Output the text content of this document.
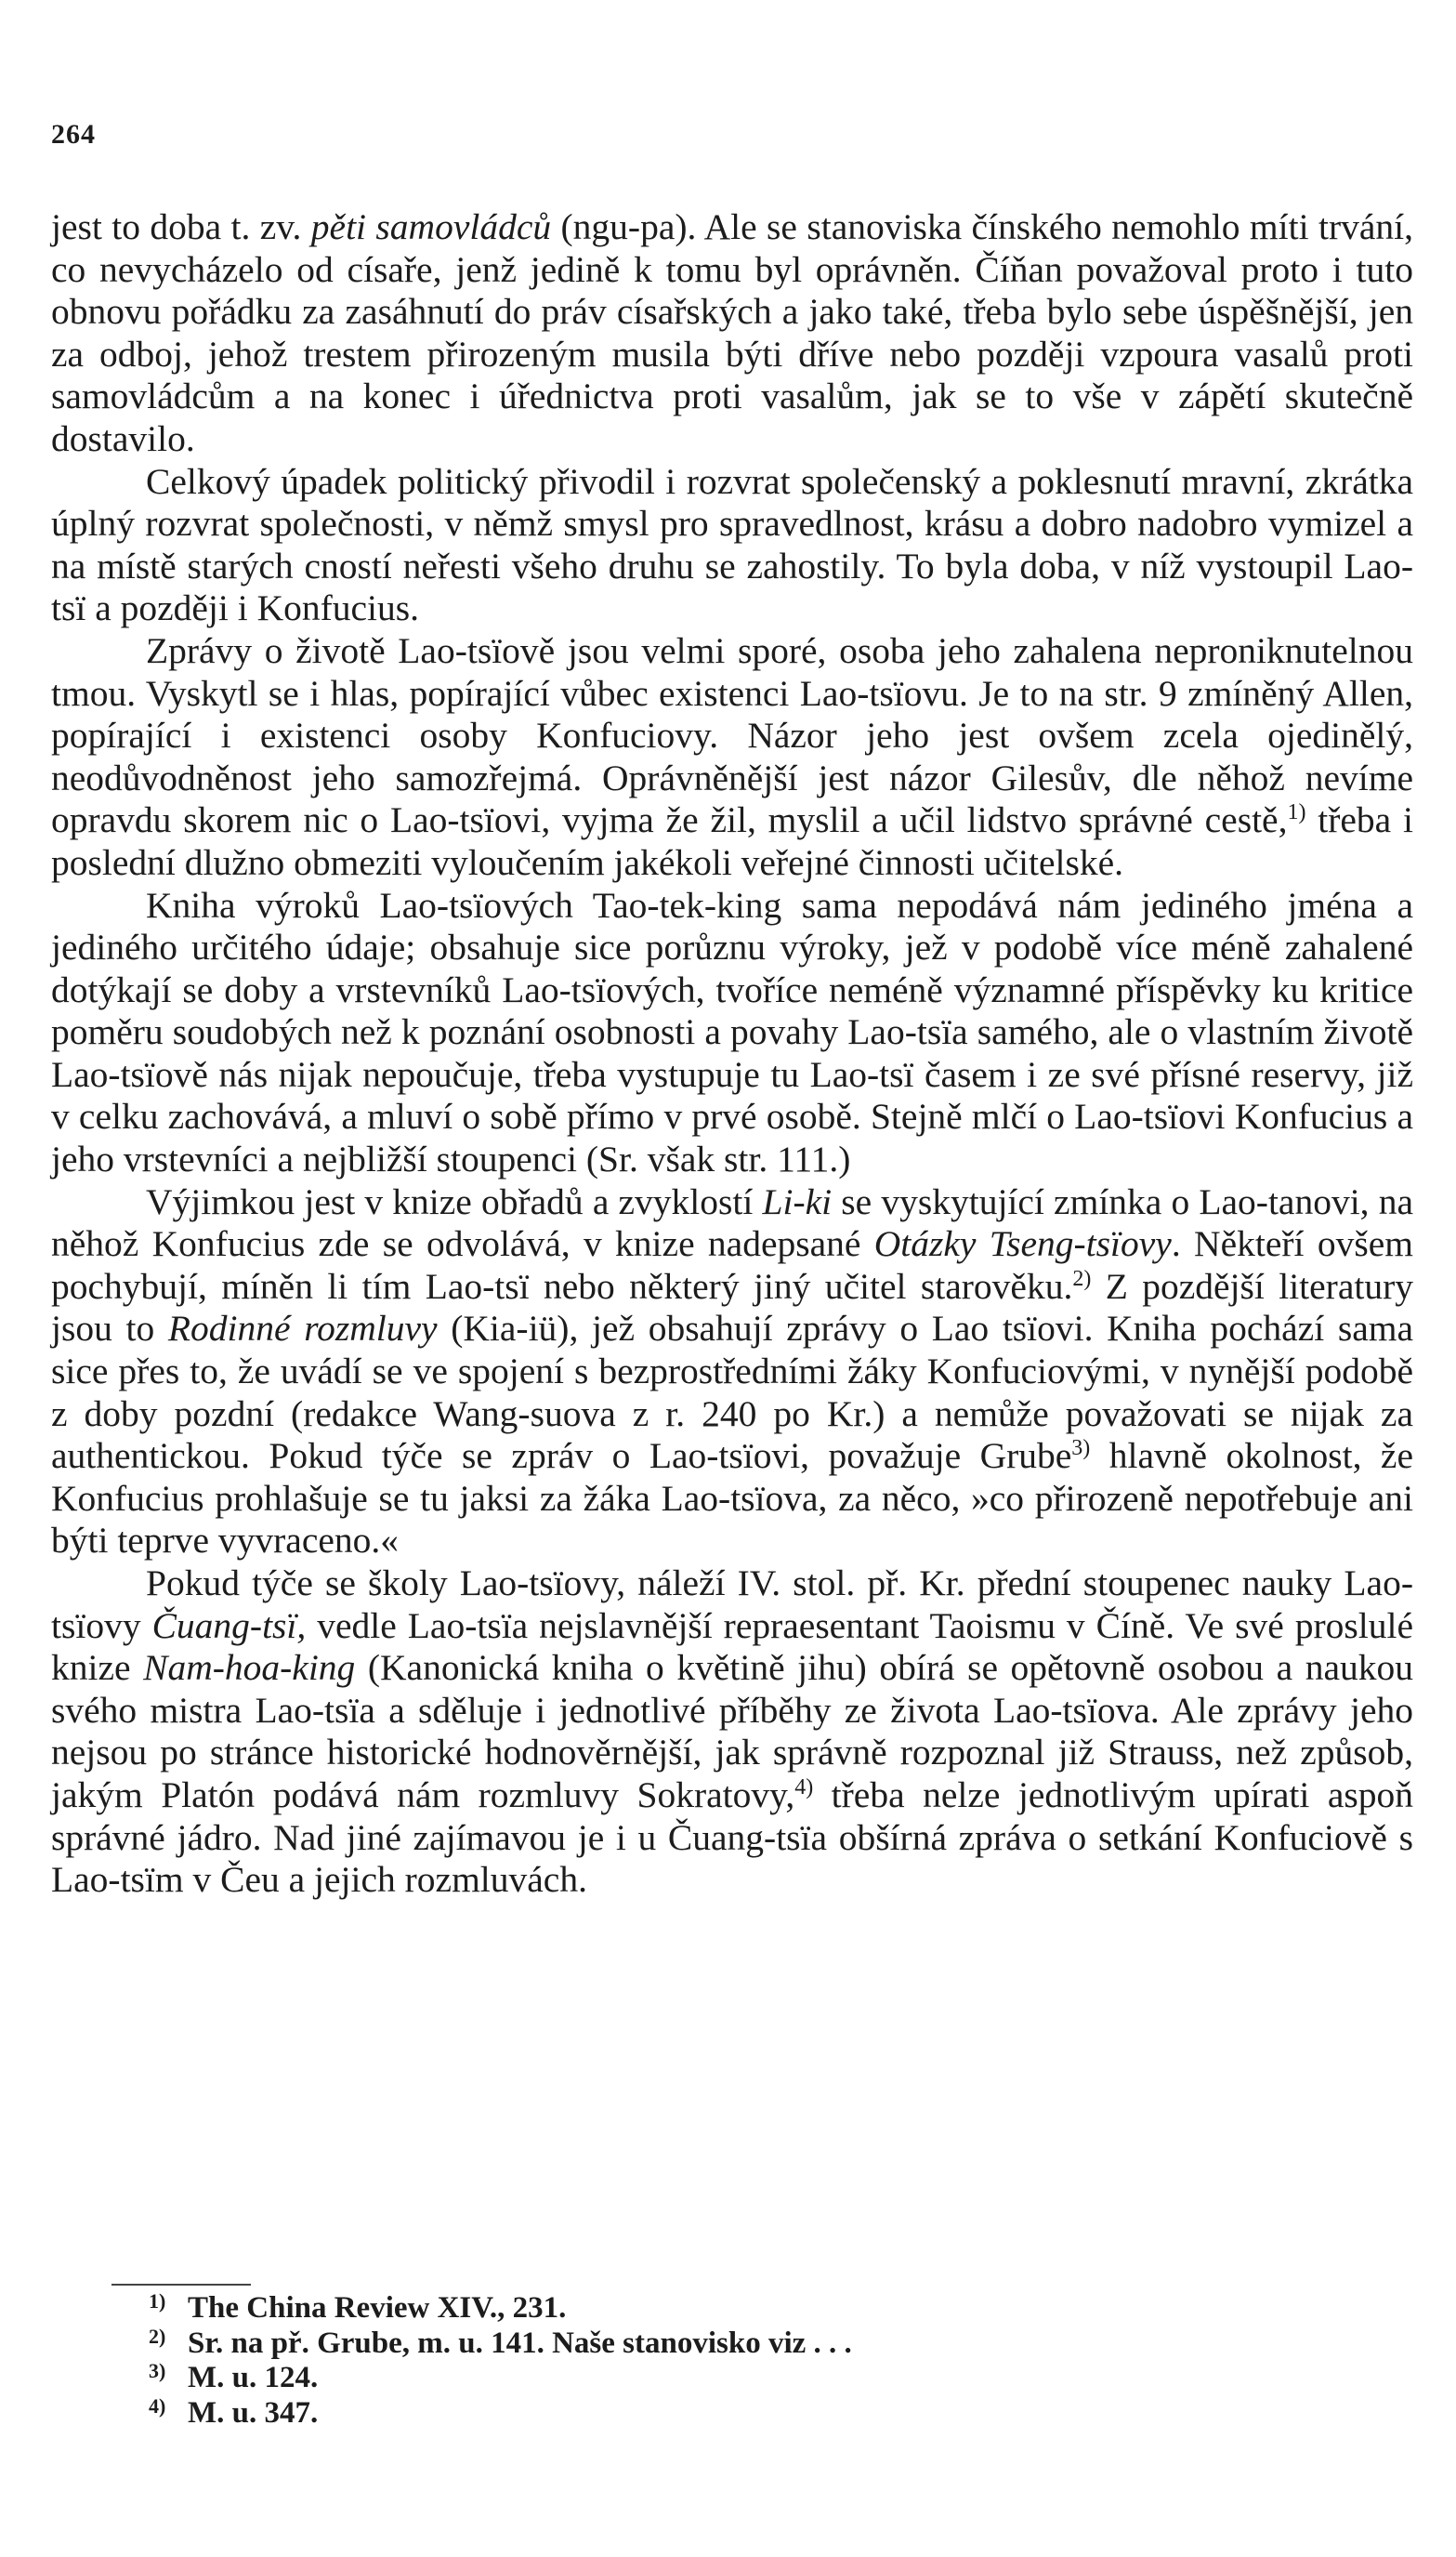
264

jest to doba t. zv. pěti samovládců (ngu-pa). Ale se stanoviska čínského nemohlo míti trvání, co nevycházelo od císaře, jenž jedině k tomu byl oprávněn. Číňan považoval proto i tuto obnovu pořádku za zasáhnutí do práv císařských a jako také, třeba bylo sebe úspěšnější, jen za odboj, jehož trestem přirozeným musila býti dříve nebo později vzpoura vasalů proti samovládcům a na konec i úřednictva proti vasalům, jak se to vše v zápětí skutečně dostavilo.

Celkový úpadek politický přivodil i rozvrat společenský a poklesnutí mravní, zkrátka úplný rozvrat společnosti, v němž smysl pro spravedlnost, krásu a dobro nadobro vymizel a na místě starých cností neřesti všeho druhu se zahostily. To byla doba, v níž vystoupil Lao-tsï a později i Konfucius.

Zprávy o životě Lao-tsïově jsou velmi sporé, osoba jeho zahalena neproniknutelnou tmou. Vyskytl se i hlas, popírající vůbec existenci Lao-tsïovu. Je to na str. 9 zmíněný Allen, popírající i existenci osoby Konfuciovy. Názor jeho jest ovšem zcela ojedinělý, neodůvodněnost jeho samozřejmá. Oprávněnější jest názor Gilesův, dle něhož nevíme opravdu skorem nic o Lao-tsïovi, vyjma že žil, myslil a učil lidstvo správné cestě,$^{1)}$ třeba i poslední dlužno obmeziti vyloučením jakékoli veřejné činnosti učitelské.

Kniha výroků Lao-tsïových Tao-tek-king sama nepodává nám jediného jména a jediného určitého údaje; obsahuje sice porůznu výroky, jež v podobě více méně zahalené dotýkají se doby a vrstevníků Lao-tsïových, tvoříce neméně významné příspěvky ku kritice poměru soudobých než k poznání osobnosti a povahy Lao-tsïa samého, ale o vlastním životě Lao-tsïově nás nijak nepoučuje, třeba vystupuje tu Lao-tsï časem i ze své přísné reservy, již v celku zachovává, a mluví o sobě přímo v prvé osobě. Stejně mlčí o Lao-tsïovi Konfucius a jeho vrstevníci a nejbližší stoupenci (Sr. však str. 111.)

Výjimkou jest v knize obřadů a zvyklostí Li-ki se vyskytující zmínka o Lao-tanovi, na něhož Konfucius zde se odvolává, v knize nadepsané Otázky Tseng-tsïovy. Někteří ovšem pochybují, míněn li tím Lao-tsï nebo některý jiný učitel starověku.$^{2)}$ Z pozdější literatury jsou to Rodinné rozmluvy (Kia-iü), jež obsahují zprávy o Lao tsïovi. Kniha pochází sama sice přes to, že uvádí se ve spojení s bezprostředními žáky Konfuciovými, v nynější podobě z doby pozdní (redakce Wang-suova z r. 240 po Kr.) a nemůže považovati se nijak za authentickou. Pokud týče se zpráv o Lao-tsïovi, považuje Grube$^{3)}$ hlavně okolnost, že Konfucius prohlašuje se tu jaksi za žáka Lao-tsïova, za něco, »co přirozeně nepotřebuje ani býti teprve vyvraceno.«

Pokud týče se školy Lao-tsïovy, náleží IV. stol. př. Kr. přední stoupenec nauky Lao-tsïovy Čuang-tsï, vedle Lao-tsïa nejslavnější repraesentant Taoismu v Číně. Ve své proslulé knize Nam-hoa-king (Kanonická kniha o květině jihu) obírá se opětovně osobou a naukou svého mistra Lao-tsïa a sděluje i jednotlivé příběhy ze života Lao-tsïova. Ale zprávy jeho nejsou po stránce historické hodnověrnější, jak správně rozpoznal již Strauss, než způsob, jakým Platón podává nám rozmluvy Sokratovy,$^{4)}$ třeba nelze jednotlivým upírati aspoň správné jádro. Nad jiné zajímavou je i u Čuang-tsïa obšírná zpráva o setkání Konfuciově s Lao-tsïm v Čeu a jejich rozmluvách.

1) The China Review XIV., 231.
2) Sr. na př. Grube, m. u. 141. Naše stanovisko viz . . .
3) M. u. 124.
4) M. u. 347.
